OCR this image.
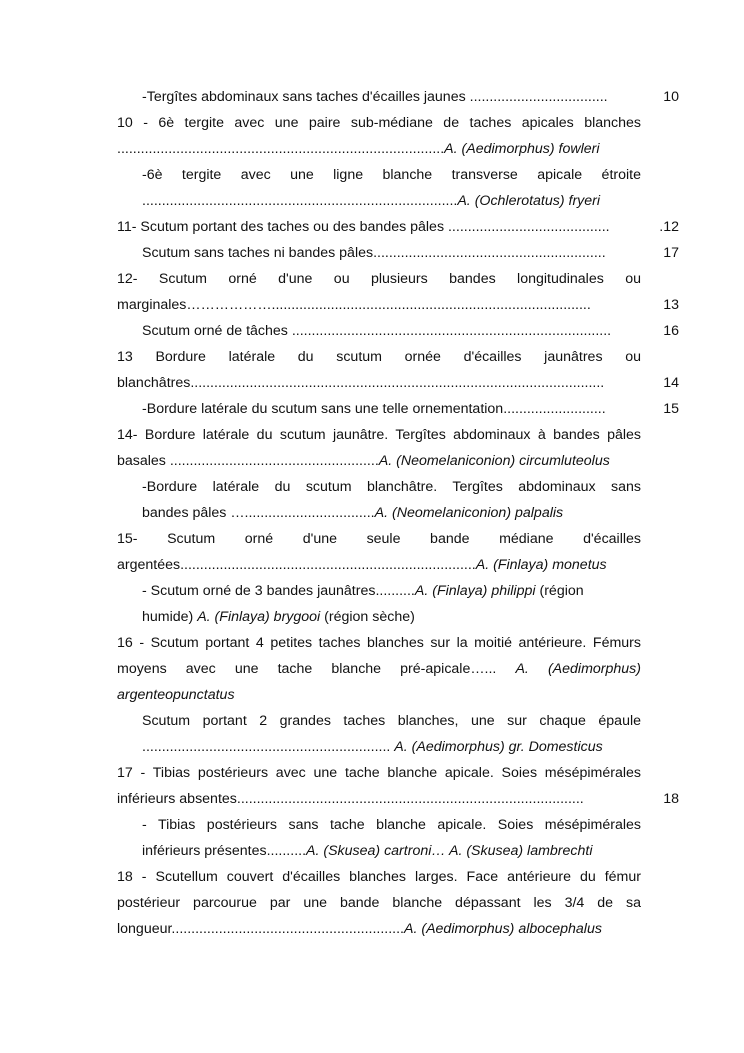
-Tergîtes abdominaux sans taches d'écailles jaunes ...................................	10
10 - 6è tergite avec une paire sub-médiane de taches apicales blanches
...................................................................................A. (Aedimorphus) fowleri
-6è tergite avec une ligne blanche transverse apicale étroite
................................................................................A. (Ochlerotatus) fryeri
11- Scutum portant des taches ou des bandes pâles .........................................	.12
Scutum sans taches ni bandes pâles...........................................................	17
12- Scutum orné d'une ou plusieurs bandes longitudinales ou
marginales……………….................................................................................	13
Scutum orné de tâches .................................................................................	16
13 Bordure latérale du scutum ornée d'écailles jaunâtres ou
blanchâtres.........................................................................................................	14
-Bordure latérale du scutum sans une telle ornementation..........................	15
14- Bordure latérale du scutum jaunâtre. Tergîtes abdominaux à bandes pâles
basales .....................................................A. (Neomelaniconion) circumluteolus
-Bordure latérale du scutum blanchâtre. Tergîtes abdominaux sans
bandes pâles ….................................A. (Neomelaniconion) palpalis
15- Scutum orné d'une seule bande médiane d'écailles
argentées...........................................................................A. (Finlaya) monetus
- Scutum orné de 3 bandes jaunâtres..........A. (Finlaya) philippi (région
humide) A. (Finlaya) brygooi (région sèche)
16 - Scutum portant 4 petites taches blanches sur la moitié antérieure. Fémurs
moyens avec une tache blanche pré-apicale…... A. (Aedimorphus)
argenteopunctatus
Scutum portant 2 grandes taches blanches, une sur chaque épaule
............................................................... A. (Aedimorphus) gr. Domesticus
17 - Tibias postérieurs avec une tache blanche apicale. Soies mésépimérales
inférieurs absentes........................................................................................	18
- Tibias postérieurs sans tache blanche apicale. Soies mésépimérales
inférieurs présentes..........A. (Skusea) cartroni… A. (Skusea) lambrechti
18 - Scutellum couvert d'écailles blanches larges. Face antérieure du fémur
postérieur parcourue par une bande blanche dépassant les 3/4 de sa
longueur...........................................................A. (Aedimorphus) albocephalus
